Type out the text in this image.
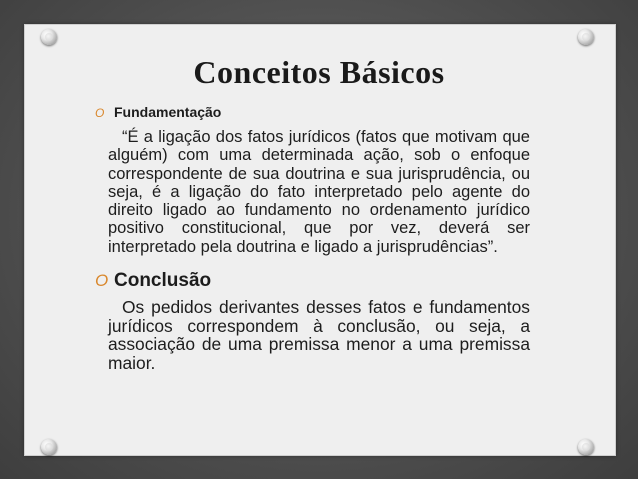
Conceitos Básicos
O Fundamentação

“É a ligação dos fatos jurídicos (fatos que motivam que alguém) com uma determinada ação, sob o enfoque correspondente de sua doutrina e sua jurisprudência, ou seja, é a ligação do fato interpretado pelo agente do direito ligado ao fundamento no ordenamento jurídico positivo constitucional, que por vez, deverá ser interpretado pela doutrina e ligado a jurisprudências”.

O Conclusão

Os pedidos derivantes desses fatos e fundamentos jurídicos correspondem à conclusão, ou seja, a associação de uma premissa menor a uma premissa maior.
